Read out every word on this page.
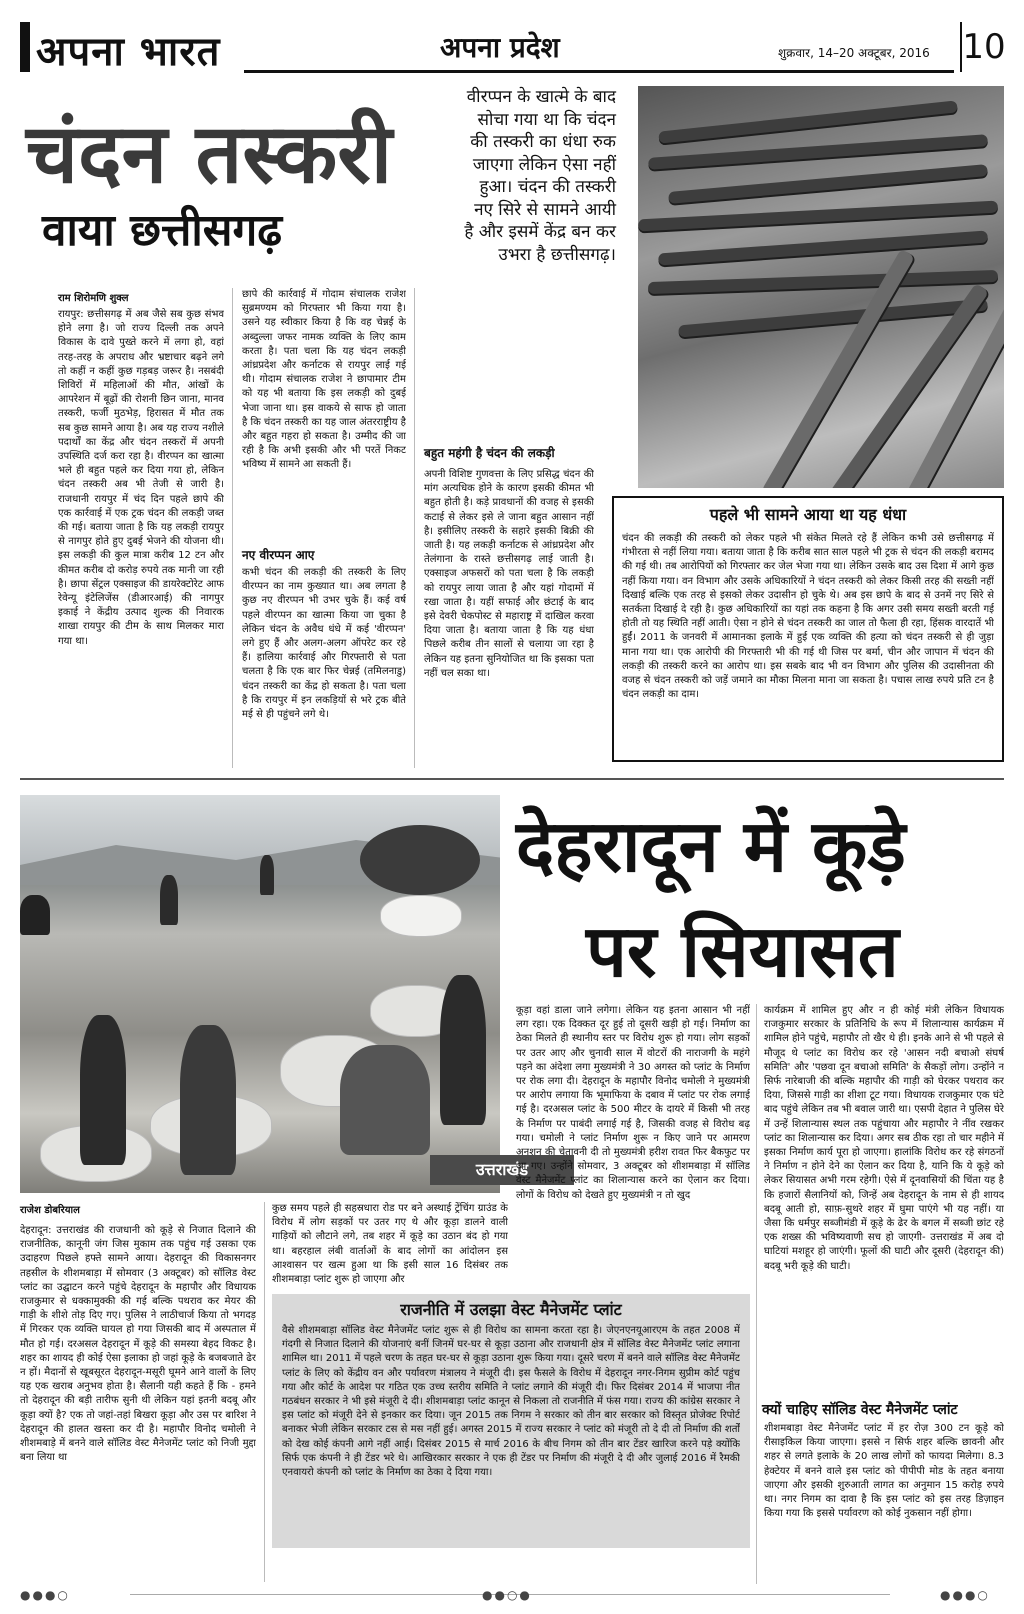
अपना भारत	अपना प्रदेश	शुक्रवार, 14–20 अक्टूबर, 2016 10
चंदन तस्करी
वाया छत्तीसगढ़
वीरप्पन के खात्मे के बाद सोचा गया था कि चंदन की तस्करी का धंधा रुक जाएगा लेकिन ऐसा नहीं हुआ। चंदन की तस्करी नए सिरे से सामने आयी है और इसमें केंद्र बन कर उभरा है छत्तीसगढ़।
राम शिरोमणि शुक्ल
रायपुर: छत्तीसगढ़ में अब जैसे सब कुछ संभव होने लगा है। जो राज्य दिल्ली तक अपने विकास के दावे पुख्ते करने में लगा हो, वहां तरह-तरह के अपराध और भ्रष्टाचार बढ़ने लगे तो कहीं न कहीं कुछ गड़बड़ जरूर है। नसबंदी शिविरों में महिलाओं की मौत, आंखों के आपरेशन में बूढ़ों की रोशनी छिन जाना, मानव तस्करी, फर्जी मुठभेड़, हिरासत में मौत तक सब कुछ सामने आया है। अब यह राज्य नशीले पदार्थों का केंद्र और चंदन तस्करों में अपनी उपस्थिति दर्ज करा रहा है। वीरप्पन का खात्मा भले ही बहुत पहले कर दिया गया हो, लेकिन चंदन तस्करी अब भी तेजी से जारी है। राजधानी रायपुर में चंद दिन पहले छापे की एक कार्रवाई में एक ट्रक चंदन की लकड़ी जब्त की गई। बताया जाता है कि यह लकड़ी रायपुर से नागपुर होते हुए दुबई भेजने की योजना थी। इस लकड़ी की कुल मात्रा करीब 12 टन और कीमत करीब दो करोड़ रुपये तक मानी जा रही है। छापा सेंट्रल एक्साइज की डायरेक्टोरेट आफ रेवेन्यू इंटेलिजेंस (डीआरआई) की नागपुर इकाई ने केंद्रीय उत्पाद शुल्क की निवारक शाखा रायपुर की टीम के साथ मिलकर मारा गया था।
छापे की कार्रवाई में गोदाम संचालक राजेश सुब्रमण्यम को गिरफ्तार भी किया गया है। उसने यह स्वीकार किया है कि वह चेन्नई के अब्दुल्ला जफर नामक व्यक्ति के लिए काम करता है। पता चला कि यह चंदन लकड़ी आंध्रप्रदेश और कर्नाटक से रायपुर लाई गई थी। गोदाम संचालक राजेश ने छापामार टीम को यह भी बताया कि इस लकड़ी को दुबई भेजा जाना था। इस वाकये से साफ हो जाता है कि चंदन तस्करी का यह जाल अंतरराष्ट्रीय है और बहुत गहरा हो सकता है। उम्मीद की जा रही है कि अभी इसकी और भी परतें निकट भविष्य में सामने आ सकती हैं।
नए वीरप्पन आए
कभी चंदन की लकड़ी की तस्करी के लिए वीरप्पन का नाम कुख्यात था। अब लगता है कुछ नए वीरप्पन भी उभर चुके हैं। कई वर्ष पहले वीरप्पन का खात्मा किया जा चुका है लेकिन चंदन के अवैध धंधे में कई 'वीरप्पन' लगे हुए हैं और अलग-अलग ऑपरेट कर रहे हैं। हालिया कार्रवाई और गिरफ्तारी से पता चलता है कि एक बार फिर चेन्नई (तमिलनाडु) चंदन तस्करी का केंद्र हो सकता है। पता चला है कि रायपुर में इन लकड़ियों से भरे ट्रक बीते मई से ही पहुंचने लगे थे।
बहुत महंगी है चंदन की लकड़ी
अपनी विशिष्ट गुणवत्ता के लिए प्रसिद्ध चंदन की मांग अत्यधिक होने के कारण इसकी कीमत भी बहुत होती है। कड़े प्रावधानों की वजह से इसकी कटाई से लेकर इसे ले जाना बहुत आसान नहीं है। इसीलिए तस्करी के सहारे इसकी बिक्री की जाती है। यह लकड़ी कर्नाटक से आंध्रप्रदेश और तेलंगाना के रास्ते छत्तीसगढ़ लाई जाती है। एक्साइज अफसरों को पता चला है कि लकड़ी को रायपुर लाया जाता है और यहां गोदामों में रखा जाता है। यहीं सफाई और छंटाई के बाद इसे देवरी चेकपोस्ट से महाराष्ट्र में दाखिल करवा दिया जाता है। बताया जाता है कि यह धंधा पिछले करीब तीन सालों से चलाया जा रहा है लेकिन यह इतना सुनियोजित था कि इसका पता नहीं चल सका था।
पहले भी सामने आया था यह धंधा
चंदन की लकड़ी की तस्करी को लेकर पहले भी संकेत मिलते रहे हैं लेकिन कभी उसे छत्तीसगढ़ में गंभीरता से नहीं लिया गया। बताया जाता है कि करीब सात साल पहले भी ट्रक से चंदन की लकड़ी बरामद की गई थी। तब आरोपियों को गिरफ्तार कर जेल भेजा गया था। लेकिन उसके बाद उस दिशा में आगे कुछ नहीं किया गया। वन विभाग और उसके अधिकारियों ने चंदन तस्करी को लेकर किसी तरह की सख्ती नहीं दिखाई बल्कि एक तरह से इसको लेकर उदासीन हो चुके थे। अब इस छापे के बाद से उनमें नए सिरे से सतर्कता दिखाई दे रही है। कुछ अधिकारियों का यहां तक कहना है कि अगर उसी समय सख्ती बरती गई होती तो यह स्थिति नहीं आती। ऐसा न होने से चंदन तस्करी का जाल तो फैला ही रहा, हिंसक वारदातें भी हुईं। 2011 के जनवरी में आमानका इलाके में हुई एक व्यक्ति की हत्या को चंदन तस्करी से ही जुड़ा माना गया था। एक आरोपी की गिरफ्तारी भी की गई थी जिस पर बर्मा, चीन और जापान में चंदन की लकड़ी की तस्करी करने का आरोप था। इस सबके बाद भी वन विभाग और पुलिस की उदासीनता की वजह से चंदन तस्करी को जड़ें जमाने का मौका मिलना माना जा सकता है। पचास लाख रुपये प्रति टन है चंदन लकड़ी का दाम।
उत्तराखंड
देहरादून में कूड़े
पर सियासत
राजेश डोबरियाल
देहरादून: उत्तराखंड की राजधानी को कूड़े से निजात दिलाने की राजनीतिक, कानूनी जंग जिस मुकाम तक पहुंच गई उसका एक उदाहरण पिछले हफ्ते सामने आया। देहरादून की विकासनगर तहसील के शीशमबाड़ा में सोमवार (3 अक्टूबर) को सॉलिड वेस्ट प्लांट का उद्घाटन करने पहुंचे देहरादून के महापौर और विधायक राजकुमार से धक्कामुक्की की गई बल्कि पथराव कर मेयर की गाड़ी के शीशे तोड़ दिए गए। पुलिस ने लाठीचार्ज किया तो भगदड़ में गिरकर एक व्यक्ति घायल हो गया जिसकी बाद में अस्पताल में मौत हो गई। दरअसल देहरादून में कूड़े की समस्या बेहद विकट है। शहर का शायद ही कोई ऐसा इलाका हो जहां कूड़े के बजबजाते ढेर न हों। मैदानों से खूबसूरत देहरादून-मसूरी घूमने आने वालों के लिए यह एक खराब अनुभव होता है। सैलानी यही कहते हैं कि - हमने तो देहरादून की बड़ी तारीफ सुनी थी लेकिन यहां इतनी बदबू और कूड़ा क्यों है? एक तो जहां-तहां बिखरा कूड़ा और उस पर बारिश ने देहरादून की हालत खस्ता कर दी है। महापौर विनोद चमोली ने शीशमबाड़े में बनने वाले सॉलिड वेस्ट मैनेजमेंट प्लांट को निजी मुद्दा बना लिया था
कुछ समय पहले ही सहस्रधारा रोड पर बने अस्थाई ट्रेंचिंग ग्राउंड के विरोध में लोग सड़कों पर उतर गए थे और कूड़ा डालने वाली गाड़ियों को लौटाने लगे, तब शहर में कूड़े का उठान बंद हो गया था। बहरहाल लंबी वार्ताओं के बाद लोगों का आंदोलन इस आश्वासन पर खत्म हुआ था कि इसी साल 16 दिसंबर तक शीशमबाड़ा प्लांट शुरू हो जाएगा और
कूड़ा वहां डाला जाने लगेगा। लेकिन यह इतना आसान भी नहीं लग रहा। एक दिक्कत दूर हुई तो दूसरी खड़ी हो गई। निर्माण का ठेका मिलते ही स्थानीय स्तर पर विरोध शुरू हो गया। लोग सड़कों पर उतर आए और चुनावी साल में वोटरों की नाराजगी के महंगे पड़ने का अंदेशा लगा मुख्यमंत्री ने 30 अगस्त को प्लांट के निर्माण पर रोक लगा दी। देहरादून के महापौर विनोद चमोली ने मुख्यमंत्री पर आरोप लगाया कि भूमाफिया के दबाव में प्लांट पर रोक लगाई गई है। दरअसल प्लांट के 500 मीटर के दायरे में किसी भी तरह के निर्माण पर पाबंदी लगाई गई है, जिसकी वजह से विरोध बढ़ गया। चमोली ने प्लांट निर्माण शुरू न किए जाने पर आमरण अनशन की चेतावनी दी तो मुख्यमंत्री हरीश रावत फिर बैकफुट पर आ गए। उन्होंने सोमवार, 3 अक्टूबर को शीशमबाड़ा में सॉलिड वेस्ट मैनेजमेंट प्लांट का शिलान्यास करने का ऐलान कर दिया। लोगों के विरोध को देखते हुए मुख्यमंत्री न तो खुद
कार्यक्रम में शामिल हुए और न ही कोई मंत्री लेकिन विधायक राजकुमार सरकार के प्रतिनिधि के रूप में शिलान्यास कार्यक्रम में शामिल होने पहुंचे, महापौर तो खैर थे ही। इनके आने से भी पहले से मौजूद थे प्लांट का विरोध कर रहे 'आसन नदी बचाओ संघर्ष समिति' और 'पछवा दून बचाओ समिति' के सैकड़ों लोग। उन्होंने न सिर्फ नारेबाजी की बल्कि महापौर की गाड़ी को घेरकर पथराव कर दिया, जिससे गाड़ी का शीशा टूट गया। विधायक राजकुमार एक घंटे बाद पहुंचे लेकिन तब भी बवाल जारी था। एसपी देहात ने पुलिस घेरे में उन्हें शिलान्यास स्थल तक पहुंचाया और महापौर ने नींव रखकर प्लांट का शिलान्यास कर दिया। अगर सब ठीक रहा तो चार महीने में इसका निर्माण कार्य पूरा हो जाएगा। हालांकि विरोध कर रहे संगठनों ने निर्माण न होने देने का ऐलान कर दिया है, यानि कि ये कूड़े को लेकर सियासत अभी गरम रहेगी। ऐसे में दूनवासियों की चिंता यह है कि हजारों सैलानियों को, जिन्हें अब देहरादून के नाम से ही शायद बदबू आती हो, साफ़-सुथरे शहर में घुमा पाएंगे भी यह नहीं। या जैसा कि धर्मपुर सब्जीमंडी में कूड़े के ढेर के बगल में सब्जी छांट रहे एक शख्स की भविष्यवाणी सच हो जाएगी- उत्तराखंड में अब दो घाटियां मशहूर हो जाएंगी। फूलों की घाटी और दूसरी (देहरादून की) बदबू भरी कूड़े की घाटी।
राजनीति में उलझा वेस्ट मैनेजमेंट प्लांट
वैसे शीशमबाड़ा सॉलिड वेस्ट मैनेजमेंट प्लांट शुरू से ही विरोध का सामना करता रहा है। जेएनएनयूआरएम के तहत 2008 में गंदगी से निजात दिलाने की योजनाएं बनीं जिनमें घर-घर से कूड़ा उठाना और राजधानी क्षेत्र में सॉलिड वेस्ट मैनेजमेंट प्लांट लगाना शामिल था। 2011 में पहले चरण के तहत घर-घर से कूड़ा उठाना शुरू किया गया। दूसरे चरण में बनने वाले सॉलिड वेस्ट मैनेजमेंट प्लांट के लिए को केंद्रीय वन और पर्यावरण मंत्रालय ने मंजूरी दी। इस फैसले के विरोध में देहरादून नगर-निगम सुप्रीम कोर्ट पहुंच गया और कोर्ट के आदेश पर गठित एक उच्च स्तरीय समिति ने प्लांट लगाने की मंजूरी दी। फिर दिसंबर 2014 में भाजपा नीत गठबंधन सरकार ने भी इसे मंजूरी दे दी। शीशमबाड़ा प्लांट कानून से निकला तो राजनीति में फंस गया। राज्य की कांग्रेस सरकार ने इस प्लांट को मंजूरी देने से इनकार कर दिया। जून 2015 तक निगम ने सरकार को तीन बार सरकार को विस्तृत प्रोजेक्ट रिपोर्ट बनाकर भेजी लेकिन सरकार टस से मस नहीं हुई। अगस्त 2015 में राज्य सरकार ने प्लांट को मंजूरी तो दे दी तो निर्माण की शर्तों को देख कोई कंपनी आगे नहीं आई। दिसंबर 2015 से मार्च 2016 के बीच निगम को तीन बार टेंडर खारिज करने पड़े क्योंकि सिर्फ एक कंपनी ने ही टेंडर भरे थे। आखिरकार सरकार ने एक ही टेंडर पर निर्माण की मंजूरी दे दी और जुलाई 2016 में रैमकी एनवायरो कंपनी को प्लांट के निर्माण का ठेका दे दिया गया।
क्यों चाहिए सॉलिड वेस्ट मैनेजमेंट प्लांट
शीशमबाड़ा वेस्ट मैनेजमेंट प्लांट में हर रोज़ 300 टन कूड़े को रीसाइकिल किया जाएगा। इससे न सिर्फ शहर बल्कि छावनी और शहर से लगते इलाके के 20 लाख लोगों को फायदा मिलेगा। 8.3 हेक्टेयर में बनने वाले इस प्लांट को पीपीपी मोड के तहत बनाया जाएगा और इसकी शुरुआती लागत का अनुमान 15 करोड़ रुपये था। नगर निगम का दावा है कि इस प्लांट को इस तरह डिज़ाइन किया गया कि इससे पर्यावरण को कोई नुकसान नहीं होगा।
●●●○	●●○●	●●●○
